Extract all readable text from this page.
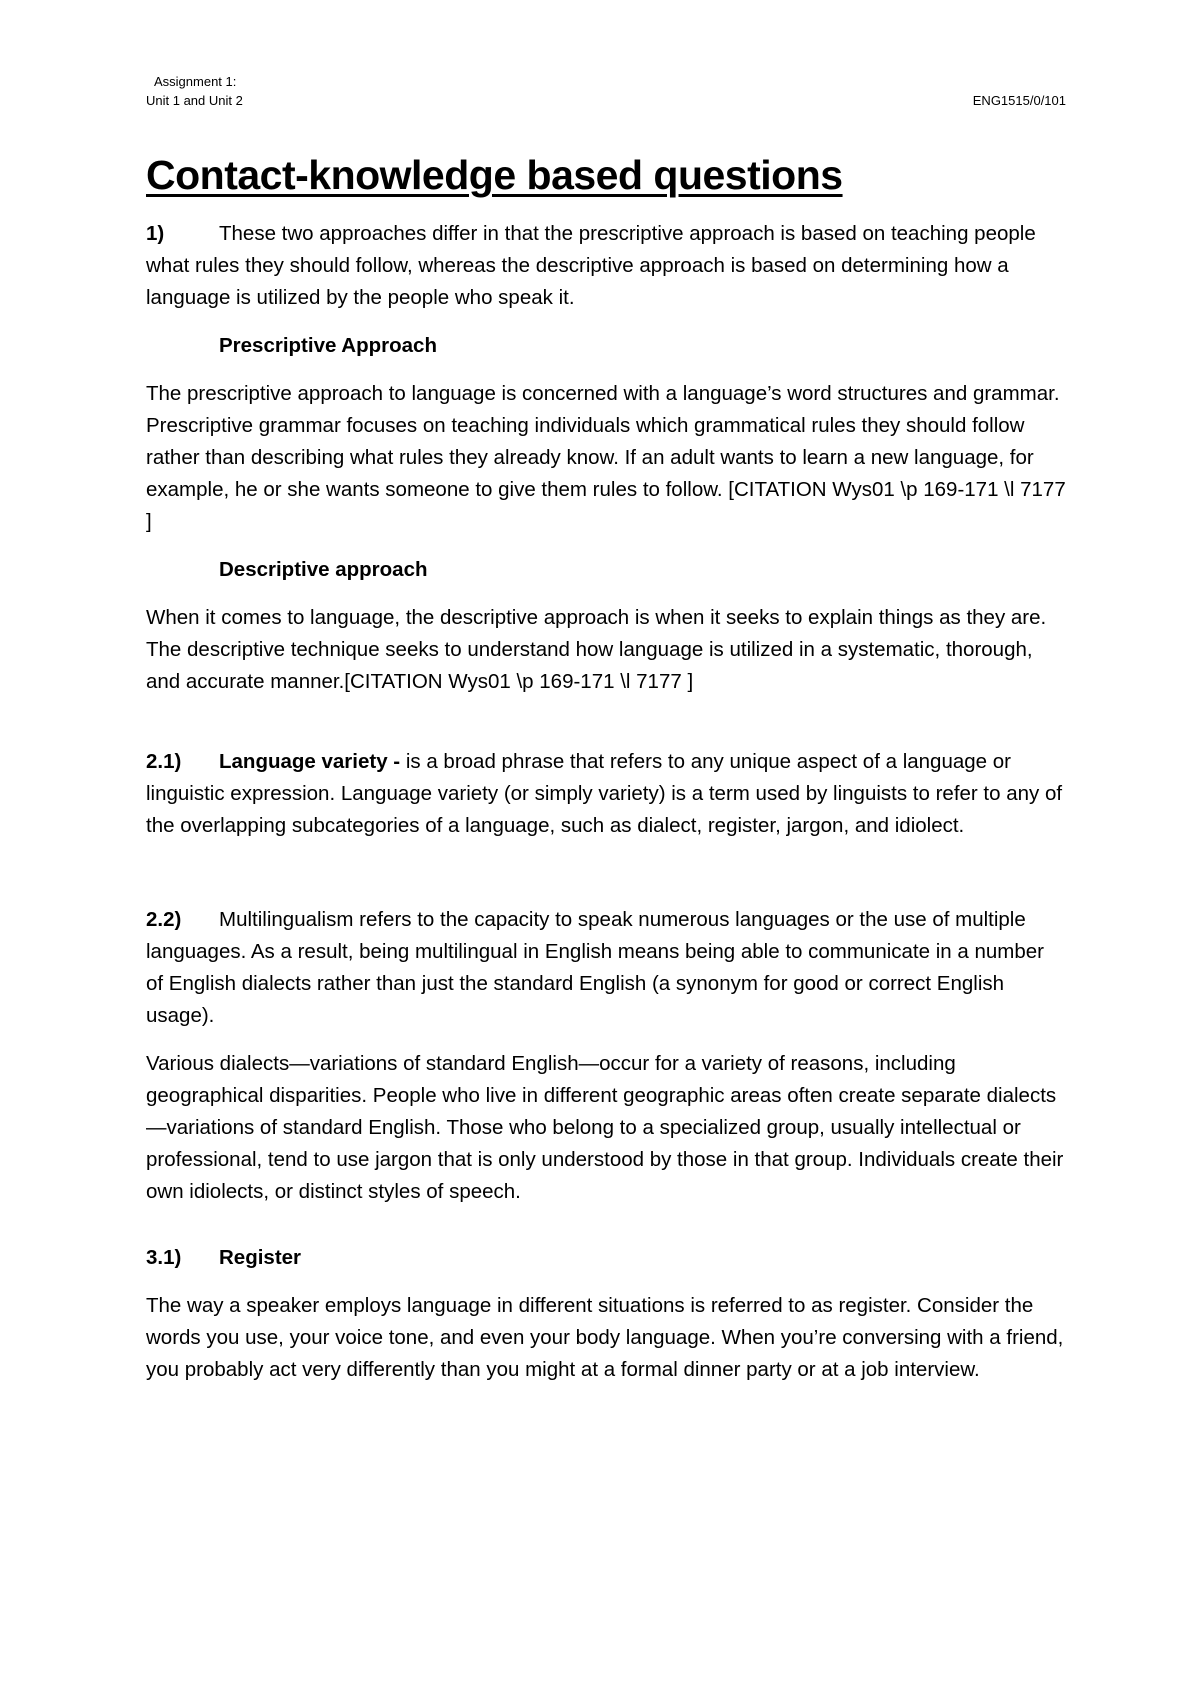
Assignment 1:
Unit 1 and Unit 2	ENG1515/0/101
Contact-knowledge based questions

1)	These two approaches differ in that the prescriptive approach is based on teaching people what rules they should follow, whereas the descriptive approach is based on determining how a language is utilized by the people who speak it.

Prescriptive Approach

The prescriptive approach to language is concerned with a language’s word structures and grammar. Prescriptive grammar focuses on teaching individuals which grammatical rules they should follow rather than describing what rules they already know. If an adult wants to learn a new language, for example, he or she wants someone to give them rules to follow. [CITATION Wys01 \p 169-171 \l 7177 ]

Descriptive approach

When it comes to language, the descriptive approach is when it seeks to explain things as they are. The descriptive technique seeks to understand how language is utilized in a systematic, thorough, and accurate manner.[CITATION Wys01 \p 169-171 \l 7177 ]

2.1) Language variety - is a broad phrase that refers to any unique aspect of a language or linguistic expression. Language variety (or simply variety) is a term used by linguists to refer to any of the overlapping subcategories of a language, such as dialect, register, jargon, and idiolect.

2.2) Multilingualism refers to the capacity to speak numerous languages or the use of multiple languages. As a result, being multilingual in English means being able to communicate in a number of English dialects rather than just the standard English (a synonym for good or correct English usage).

Various dialects—variations of standard English—occur for a variety of reasons, including geographical disparities. People who live in different geographic areas often create separate dialects—variations of standard English. Those who belong to a specialized group, usually intellectual or professional, tend to use jargon that is only understood by those in that group. Individuals create their own idiolects, or distinct styles of speech.

3.1) Register

The way a speaker employs language in different situations is referred to as register. Consider the words you use, your voice tone, and even your body language. When you’re conversing with a friend, you probably act very differently than you might at a formal dinner party or at a job interview.
